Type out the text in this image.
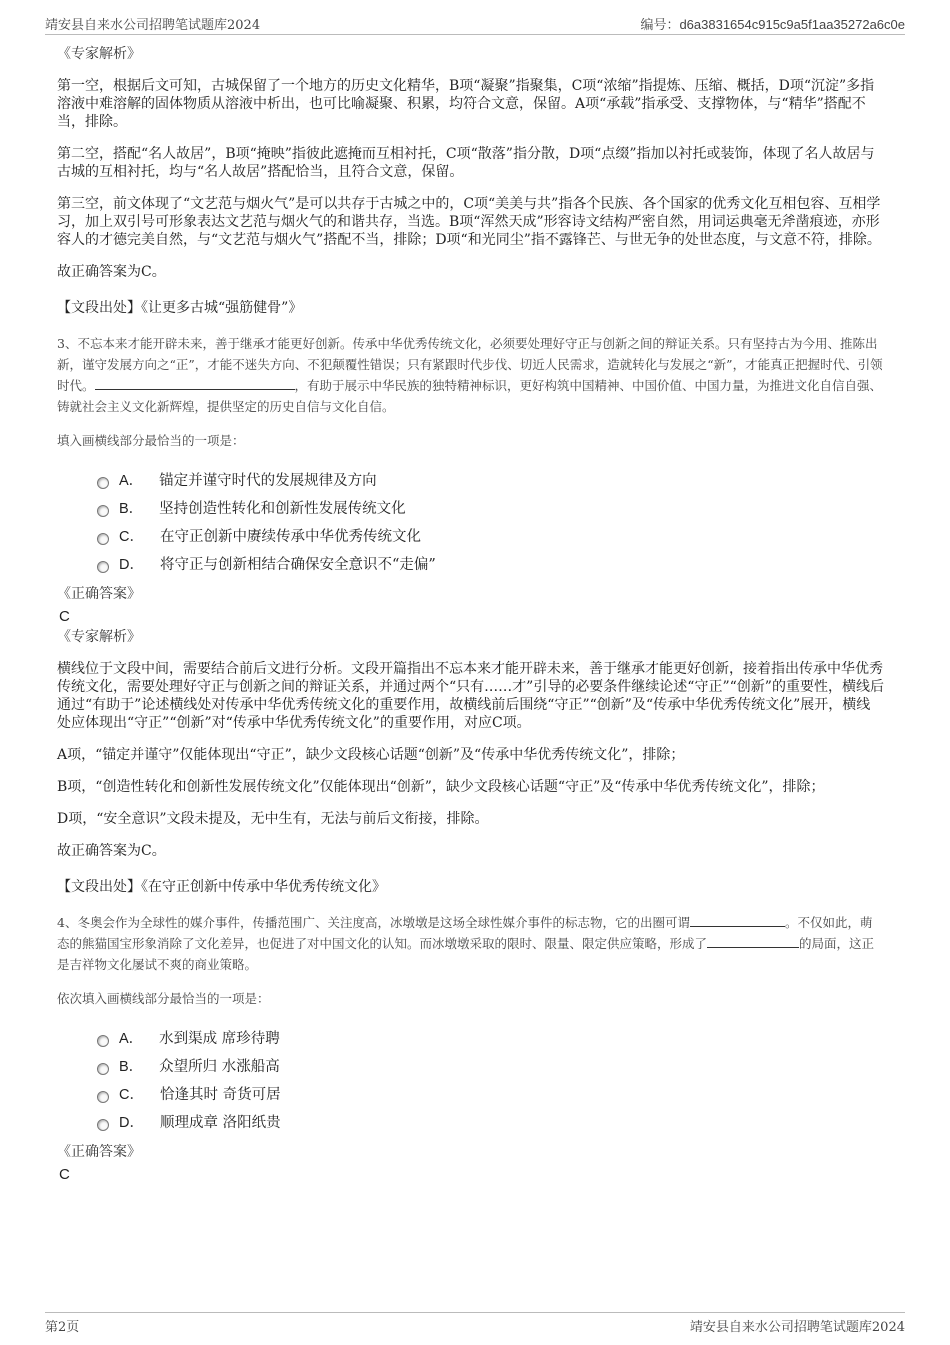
靖安县自来水公司招聘笔试题库2024	编号：d6a3831654c915c9a5f1aa35272a6c0e
《专家解析》

第一空，根据后文可知，古城保留了一个地方的历史文化精华，B项“凝聚”指聚集，C项“浓缩”指提炼、压缩、概括，D项“沉淀”多指溶液中难溶解的固体物质从溶液中析出，也可比喻凝聚、积累，均符合文意，保留。A项“承载”指承受、支撑物体，与“精华”搭配不当，排除。

第二空，搭配“名人故居”，B项“掩映”指彼此遮掩而互相衬托，C项“散落”指分散，D项“点缀”指加以衬托或装饰，体现了名人故居与古城的互相衬托，均与“名人故居”搭配恰当，且符合文意，保留。

第三空，前文体现了“文艺范与烟火气”是可以共存于古城之中的，C项“美美与共”指各个民族、各个国家的优秀文化互相包容、互相学习，加上双引号可形象表达文艺范与烟火气的和谐共存，当选。B项“浑然天成”形容诗文结构严密自然，用词运典毫无斧凿痕迹，亦形容人的才德完美自然，与“文艺范与烟火气”搭配不当，排除；D项“和光同尘”指不露锋芒、与世无争的处世态度，与文意不符，排除。

故正确答案为C。

【文段出处】《让更多古城“强筋健骨”》
3、不忘本来才能开辟未来，善于继承才能更好创新。传承中华优秀传统文化，必须要处理好守正与创新之间的辩证关系。只有坚持古为今用、推陈出新，谨守发展方向之“正”，才能不迷失方向、不犯颠覆性错误；只有紧跟时代步伐、切近人民需求，造就转化与发展之“新”，才能真正把握时代、引领时代。	，有助于展示中华民族的独特精神标识，更好构筑中国精神、中国价值、中国力量，为推进文化自信自强、铸就社会主义文化新辉煌，提供坚定的历史自信与文化自信。
填入画横线部分最恰当的一项是：
A． 锚定并谨守时代的发展规律及方向
B． 坚持创造性转化和创新性发展传统文化
C． 在守正创新中赓续传承中华优秀传统文化
D． 将守正与创新相结合确保安全意识不“走偏”
《正确答案》
C
《专家解析》

横线位于文段中间，需要结合前后文进行分析。文段开篇指出不忘本来才能开辟未来，善于继承才能更好创新，接着指出传承中华优秀传统文化，需要处理好守正与创新之间的辩证关系，并通过两个“只有……才”引导的必要条件继续论述“守正”“创新”的重要性，横线后通过“有助于”论述横线处对传承中华优秀传统文化的重要作用，故横线前后围绕“守正”“创新”及“传承中华优秀传统文化”展开，横线处应体现出“守正”“创新”对“传承中华优秀传统文化”的重要作用，对应C项。

A项，“锚定并谨守”仅能体现出“守正”，缺少文段核心话题“创新”及“传承中华优秀传统文化”，排除；

B项，“创造性转化和创新性发展传统文化”仅能体现出“创新”，缺少文段核心话题“守正”及“传承中华优秀传统文化”，排除；

D项，“安全意识”文段未提及，无中生有，无法与前后文衔接，排除。

故正确答案为C。

【文段出处】《在守正创新中传承中华优秀传统文化》
4、冬奥会作为全球性的媒介事件，传播范围广、关注度高，冰墩墩是这场全球性媒介事件的标志物，它的出圈可谓	。不仅如此，萌态的熊猫国宝形象消除了文化差异，也促进了对中国文化的认知。而冰墩墩采取的限时、限量、限定供应策略，形成了	的局面，这正是吉祥物文化屡试不爽的商业策略。
依次填入画横线部分最恰当的一项是：
A． 水到渠成 席珍待聘
B． 众望所归 水涨船高
C． 恰逢其时 奇货可居
D． 顺理成章 洛阳纸贵
《正确答案》
C
第2页	靖安县自来水公司招聘笔试题库2024
